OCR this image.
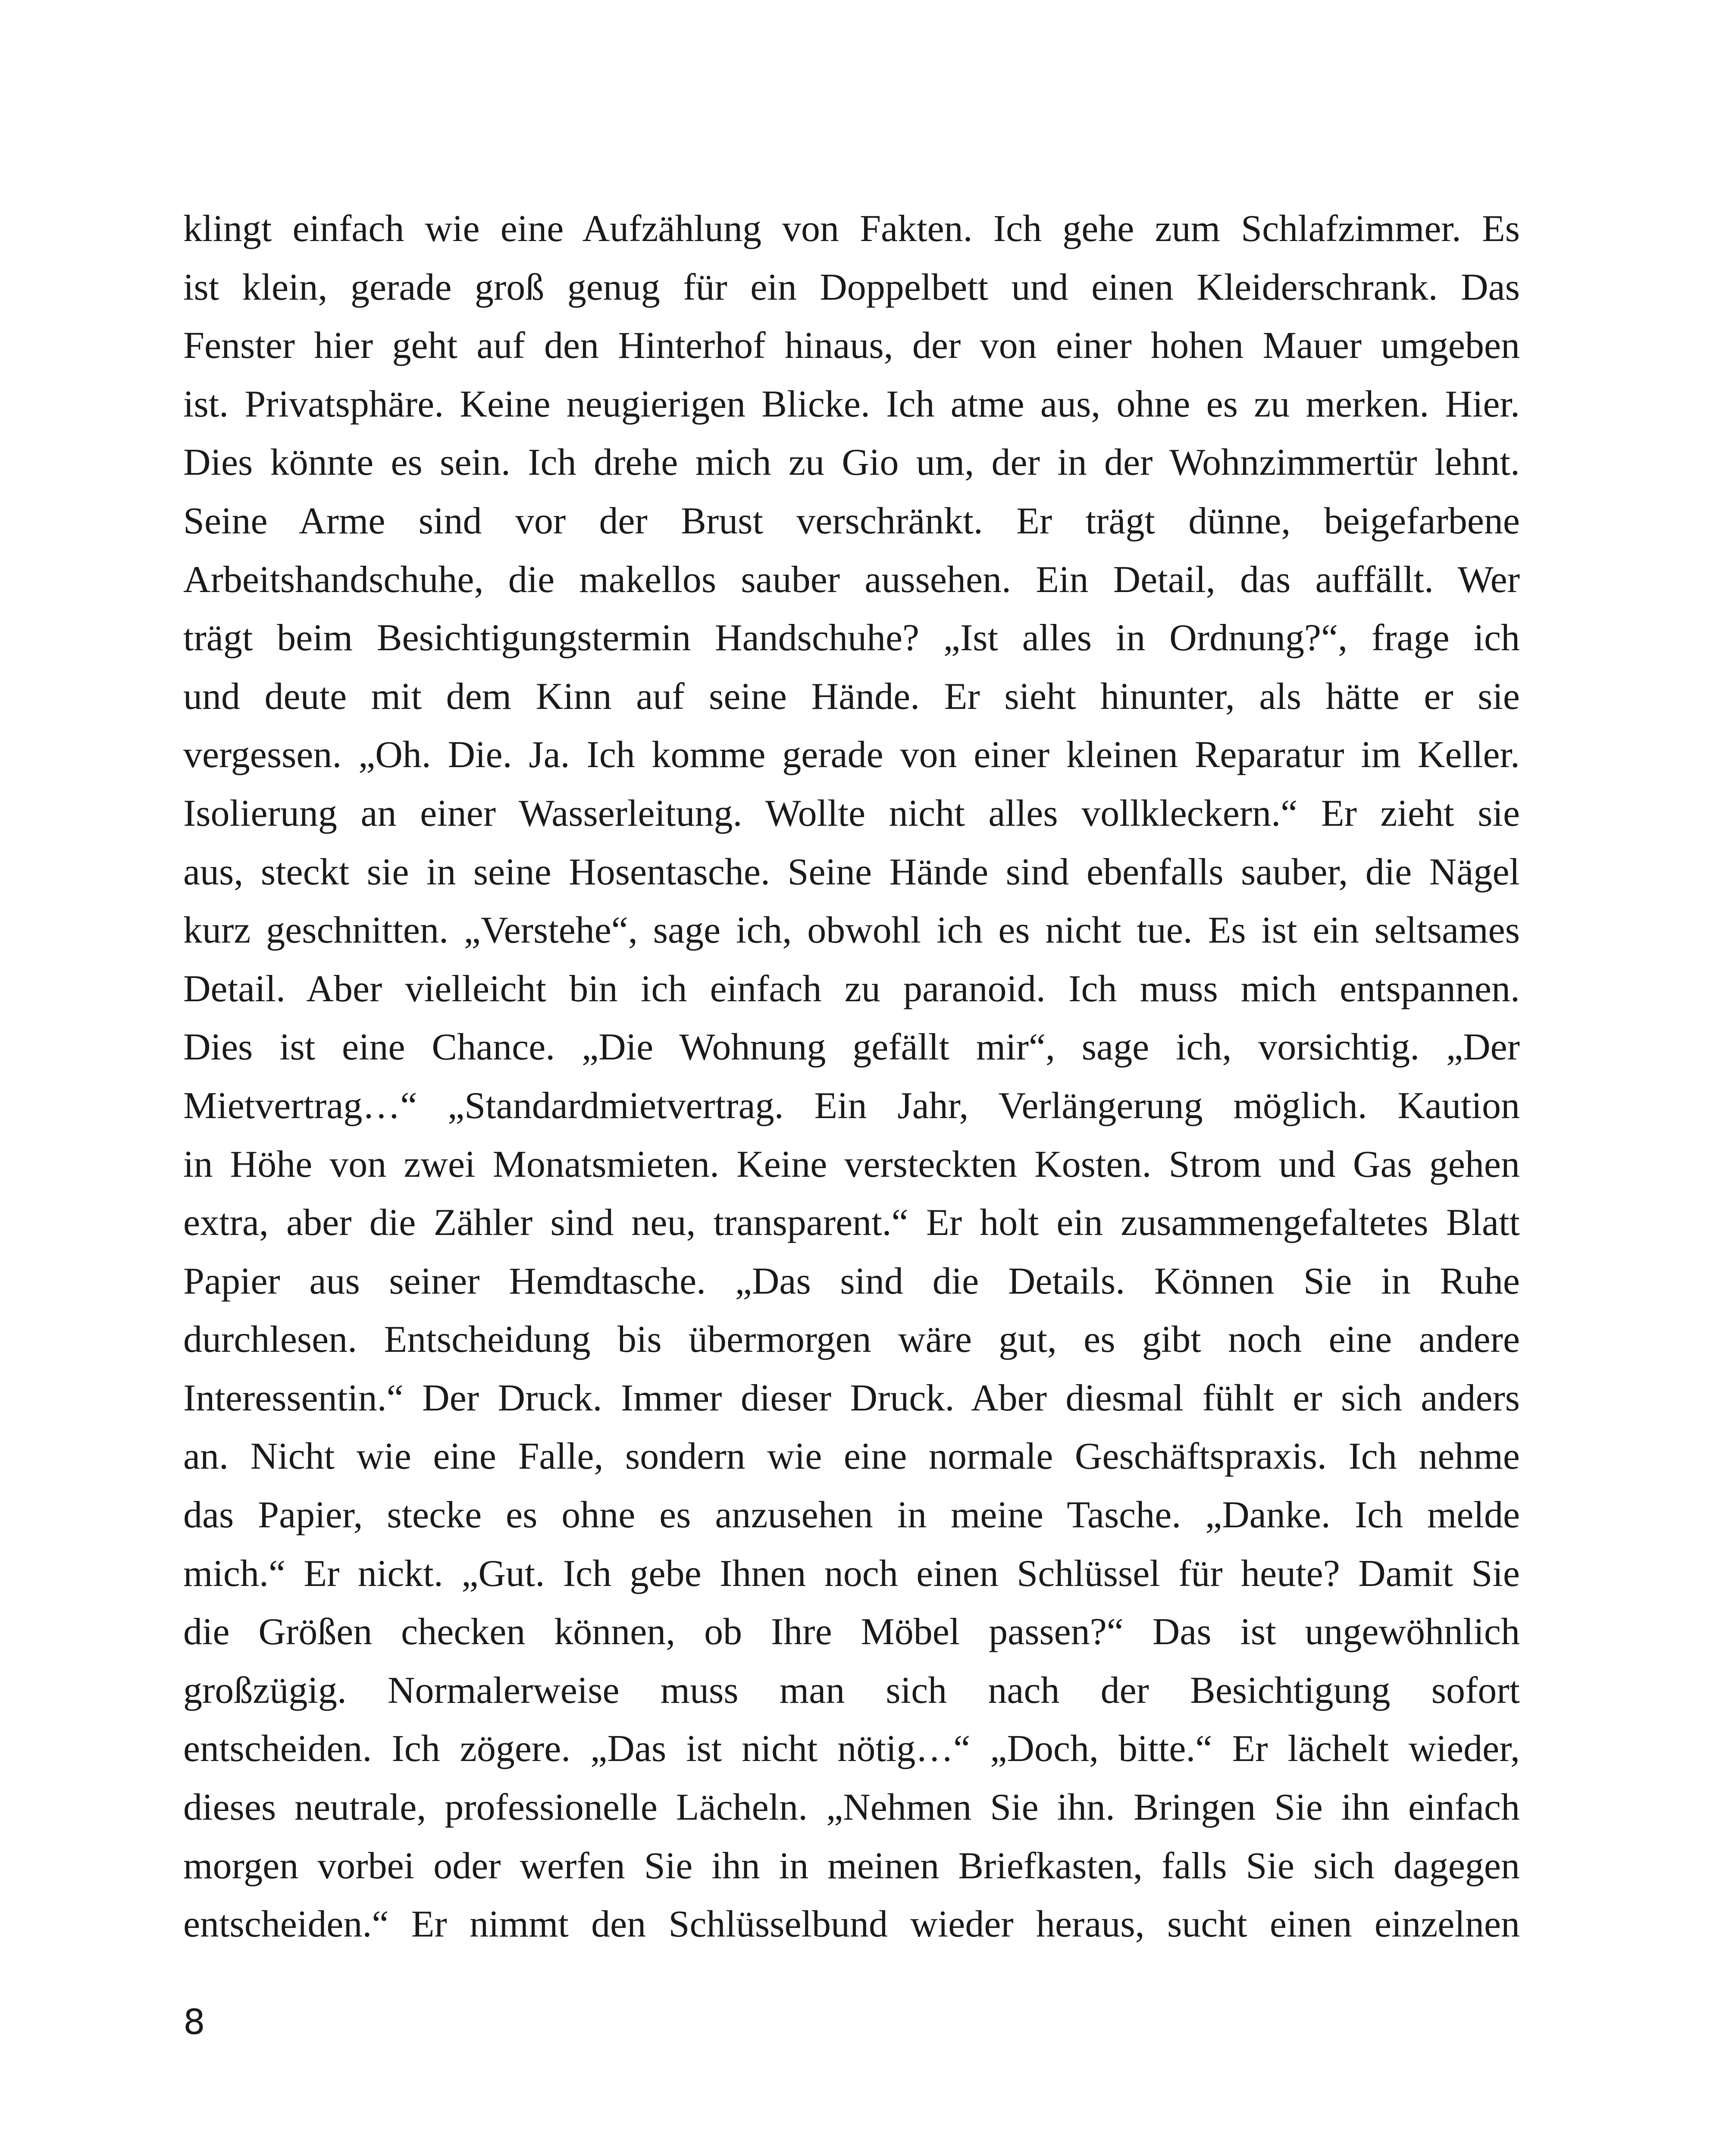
klingt einfach wie eine Aufzählung von Fakten. Ich gehe zum Schlafzimmer. Es
ist klein, gerade groß genug für ein Doppelbett und einen Kleiderschrank. Das
Fenster hier geht auf den Hinterhof hinaus, der von einer hohen Mauer umgeben
ist. Privatsphäre. Keine neugierigen Blicke. Ich atme aus, ohne es zu merken. Hier.
Dies könnte es sein. Ich drehe mich zu Gio um, der in der Wohnzimmertür lehnt.
Seine Arme sind vor der Brust verschränkt. Er trägt dünne, beigefarbene
Arbeitshandschuhe, die makellos sauber aussehen. Ein Detail, das auffällt. Wer
trägt beim Besichtigungstermin Handschuhe? „Ist alles in Ordnung?“, frage ich
und deute mit dem Kinn auf seine Hände. Er sieht hinunter, als hätte er sie
vergessen. „Oh. Die. Ja. Ich komme gerade von einer kleinen Reparatur im Keller.
Isolierung an einer Wasserleitung. Wollte nicht alles vollkleckern.“ Er zieht sie
aus, steckt sie in seine Hosentasche. Seine Hände sind ebenfalls sauber, die Nägel
kurz geschnitten. „Verstehe“, sage ich, obwohl ich es nicht tue. Es ist ein seltsames
Detail. Aber vielleicht bin ich einfach zu paranoid. Ich muss mich entspannen.
Dies ist eine Chance. „Die Wohnung gefällt mir“, sage ich, vorsichtig. „Der
Mietvertrag…“ „Standardmietvertrag. Ein Jahr, Verlängerung möglich. Kaution
in Höhe von zwei Monatsmieten. Keine versteckten Kosten. Strom und Gas gehen
extra, aber die Zähler sind neu, transparent.“ Er holt ein zusammengefaltetes Blatt
Papier aus seiner Hemdtasche. „Das sind die Details. Können Sie in Ruhe
durchlesen. Entscheidung bis übermorgen wäre gut, es gibt noch eine andere
Interessentin.“ Der Druck. Immer dieser Druck. Aber diesmal fühlt er sich anders
an. Nicht wie eine Falle, sondern wie eine normale Geschäftspraxis. Ich nehme
das Papier, stecke es ohne es anzusehen in meine Tasche. „Danke. Ich melde
mich.“ Er nickt. „Gut. Ich gebe Ihnen noch einen Schlüssel für heute? Damit Sie
die Größen checken können, ob Ihre Möbel passen?“ Das ist ungewöhnlich
großzügig. Normalerweise muss man sich nach der Besichtigung sofort
entscheiden. Ich zögere. „Das ist nicht nötig…“ „Doch, bitte.“ Er lächelt wieder,
dieses neutrale, professionelle Lächeln. „Nehmen Sie ihn. Bringen Sie ihn einfach
morgen vorbei oder werfen Sie ihn in meinen Briefkasten, falls Sie sich dagegen
entscheiden.“ Er nimmt den Schlüsselbund wieder heraus, sucht einen einzelnen

8
